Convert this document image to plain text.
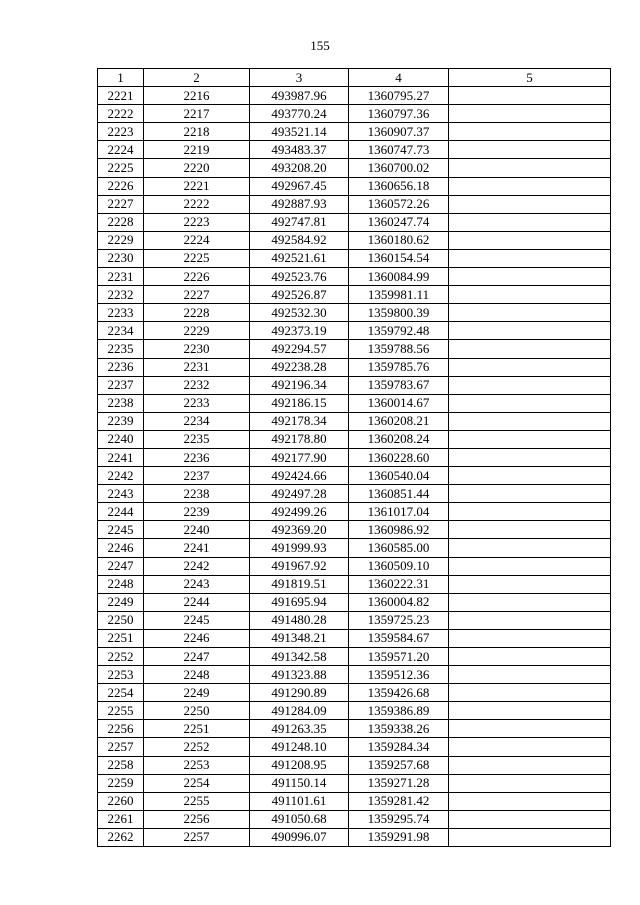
155
1	2	3	4	5
2221	2216	493987.96	1360795.27	
2222	2217	493770.24	1360797.36	
2223	2218	493521.14	1360907.37	
2224	2219	493483.37	1360747.73	
2225	2220	493208.20	1360700.02	
2226	2221	492967.45	1360656.18	
2227	2222	492887.93	1360572.26	
2228	2223	492747.81	1360247.74	
2229	2224	492584.92	1360180.62	
2230	2225	492521.61	1360154.54	
2231	2226	492523.76	1360084.99	
2232	2227	492526.87	1359981.11	
2233	2228	492532.30	1359800.39	
2234	2229	492373.19	1359792.48	
2235	2230	492294.57	1359788.56	
2236	2231	492238.28	1359785.76	
2237	2232	492196.34	1359783.67	
2238	2233	492186.15	1360014.67	
2239	2234	492178.34	1360208.21	
2240	2235	492178.80	1360208.24	
2241	2236	492177.90	1360228.60	
2242	2237	492424.66	1360540.04	
2243	2238	492497.28	1360851.44	
2244	2239	492499.26	1361017.04	
2245	2240	492369.20	1360986.92	
2246	2241	491999.93	1360585.00	
2247	2242	491967.92	1360509.10	
2248	2243	491819.51	1360222.31	
2249	2244	491695.94	1360004.82	
2250	2245	491480.28	1359725.23	
2251	2246	491348.21	1359584.67	
2252	2247	491342.58	1359571.20	
2253	2248	491323.88	1359512.36	
2254	2249	491290.89	1359426.68	
2255	2250	491284.09	1359386.89	
2256	2251	491263.35	1359338.26	
2257	2252	491248.10	1359284.34	
2258	2253	491208.95	1359257.68	
2259	2254	491150.14	1359271.28	
2260	2255	491101.61	1359281.42	
2261	2256	491050.68	1359295.74	
2262	2257	490996.07	1359291.98	
